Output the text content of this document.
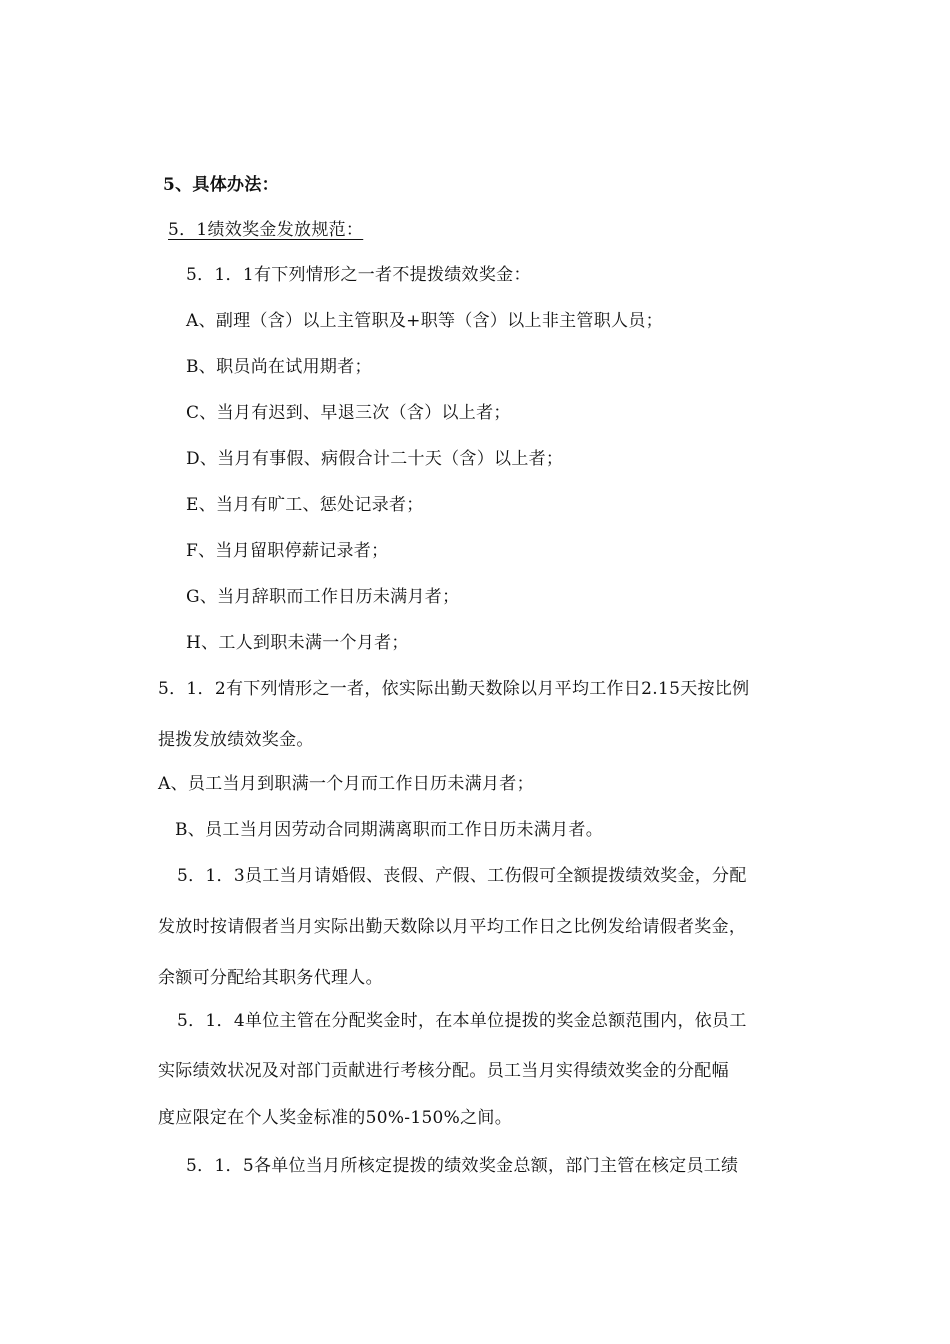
5、具体办法：
5．1绩效奖金发放规范：
5．1．1有下列情形之一者不提拨绩效奖金：
A、副理（含）以上主管职及+职等（含）以上非主管职人员；
B、职员尚在试用期者；
C、当月有迟到、早退三次（含）以上者；
D、当月有事假、病假合计二十天（含）以上者；
E、当月有旷工、惩处记录者；
F、当月留职停薪记录者；
G、当月辞职而工作日历未满月者；
H、工人到职未满一个月者；
5．1．2有下列情形之一者，依实际出勤天数除以月平均工作日2.15天按比例
提拨发放绩效奖金。
A、员工当月到职满一个月而工作日历未满月者；
B、员工当月因劳动合同期满离职而工作日历未满月者。
5．1．3员工当月请婚假、丧假、产假、工伤假可全额提拨绩效奖金，分配
发放时按请假者当月实际出勤天数除以月平均工作日之比例发给请假者奖金，
余额可分配给其职务代理人。
5．1．4单位主管在分配奖金时，在本单位提拨的奖金总额范围内，依员工
实际绩效状况及对部门贡献进行考核分配。员工当月实得绩效奖金的分配幅
度应限定在个人奖金标准的50%-150%之间。
5．1．5各单位当月所核定提拨的绩效奖金总额，部门主管在核定员工绩
